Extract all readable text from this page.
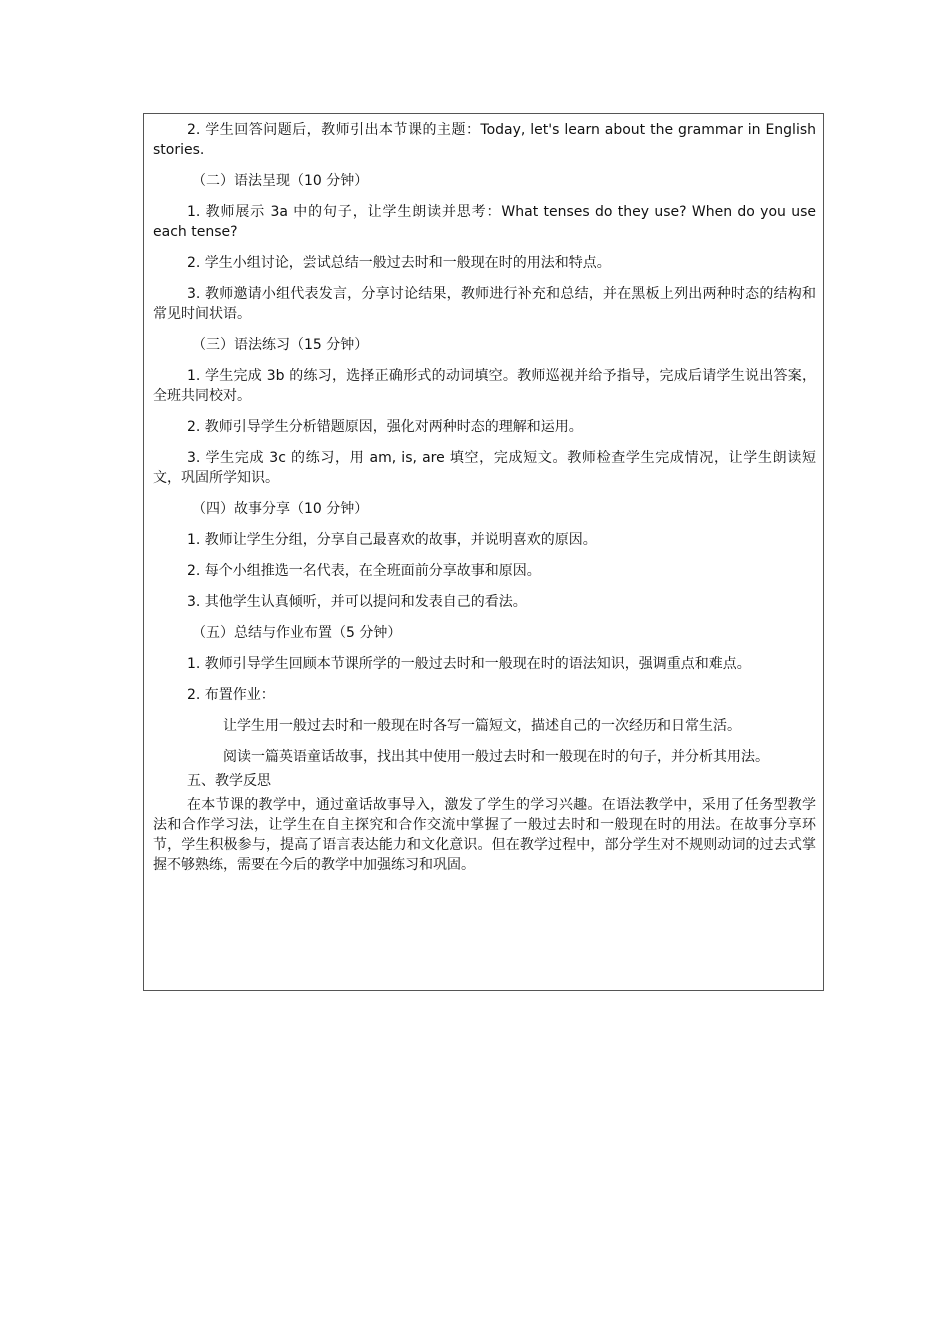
2. 学生回答问题后，教师引出本节课的主题：Today, let's learn about the grammar in English stories.

（二）语法呈现（10 分钟）

1. 教师展示 3a 中的句子，让学生朗读并思考：What tenses do they use? When do you use each tense?

2. 学生小组讨论，尝试总结一般过去时和一般现在时的用法和特点。

3. 教师邀请小组代表发言，分享讨论结果，教师进行补充和总结，并在黑板上列出两种时态的结构和常见时间状语。

（三）语法练习（15 分钟）

1. 学生完成 3b 的练习，选择正确形式的动词填空。教师巡视并给予指导，完成后请学生说出答案，全班共同校对。

2. 教师引导学生分析错题原因，强化对两种时态的理解和运用。

3. 学生完成 3c 的练习，用 am, is, are 填空，完成短文。教师检查学生完成情况，让学生朗读短文，巩固所学知识。

（四）故事分享（10 分钟）

1. 教师让学生分组，分享自己最喜欢的故事，并说明喜欢的原因。

2. 每个小组推选一名代表，在全班面前分享故事和原因。

3. 其他学生认真倾听，并可以提问和发表自己的看法。

（五）总结与作业布置（5 分钟）

1. 教师引导学生回顾本节课所学的一般过去时和一般现在时的语法知识，强调重点和难点。

2. 布置作业：

让学生用一般过去时和一般现在时各写一篇短文，描述自己的一次经历和日常生活。

阅读一篇英语童话故事，找出其中使用一般过去时和一般现在时的句子，并分析其用法。

五、教学反思

在本节课的教学中，通过童话故事导入，激发了学生的学习兴趣。在语法教学中，采用了任务型教学法和合作学习法，让学生在自主探究和合作交流中掌握了一般过去时和一般现在时的用法。在故事分享环节，学生积极参与，提高了语言表达能力和文化意识。但在教学过程中，部分学生对不规则动词的过去式掌握不够熟练，需要在今后的教学中加强练习和巩固。
